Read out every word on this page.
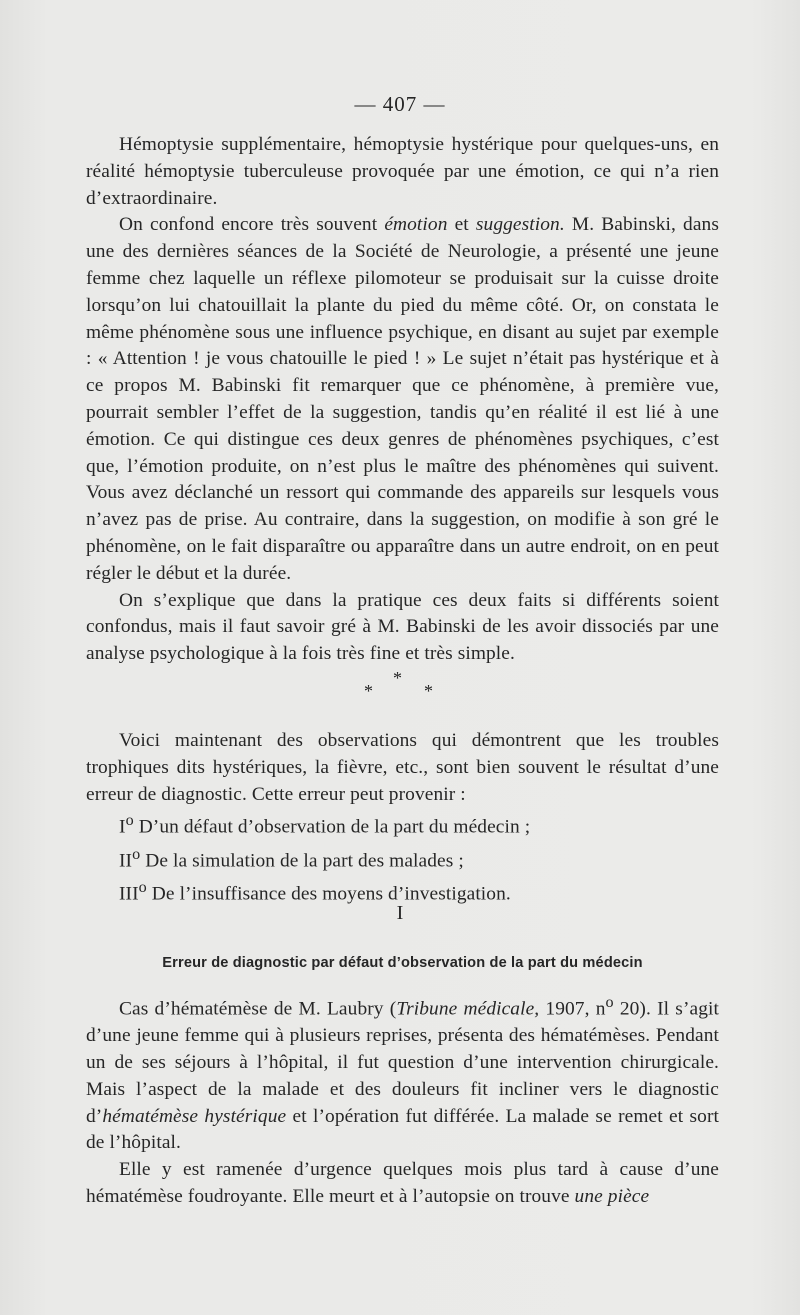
— 407 —

Hémoptysie supplémentaire, hémoptysie hystérique pour quelques-uns, en réalité hémoptysie tuberculeuse provoquée par une émotion, ce qui n’a rien d’extraordinaire.

On confond encore très souvent émotion et suggestion. M. Babinski, dans une des dernières séances de la Société de Neurologie, a présenté une jeune femme chez laquelle un réflexe pilomoteur se produisait sur la cuisse droite lorsqu’on lui chatouillait la plante du pied du même côté. Or, on constata le même phénomène sous une influence psychique, en disant au sujet par exemple : « Attention ! je vous chatouille le pied ! » Le sujet n’était pas hystérique et à ce propos M. Babinski fit remarquer que ce phénomène, à première vue, pourrait sembler l’effet de la suggestion, tandis qu’en réalité il est lié à une émotion. Ce qui distingue ces deux genres de phénomènes psychiques, c’est que, l’émotion produite, on n’est plus le maître des phénomènes qui suivent. Vous avez déclanché un ressort qui commande des appareils sur lesquels vous n’avez pas de prise. Au contraire, dans la suggestion, on modifie à son gré le phénomène, on le fait disparaître ou apparaître dans un autre endroit, on en peut régler le début et la durée.

On s’explique que dans la pratique ces deux faits si différents soient confondus, mais il faut savoir gré à M. Babinski de les avoir dissociés par une analyse psychologique à la fois très fine et très simple.

*
*	*

Voici maintenant des observations qui démontrent que les troubles trophiques dits hystériques, la fièvre, etc., sont bien souvent le résultat d’une erreur de diagnostic. Cette erreur peut provenir :

$I^o$ D’un défaut d’observation de la part du médecin ;
$II^o$ De la simulation de la part des malades ;
III$^o$ De l’insuffisance des moyens d’investigation.
I
Erreur de diagnostic par défaut d’observation de la part du médecin

Cas d’hématémèse de M. Laubry (Tribune médicale, 1907, $n^o$ 20). Il s’agit d’une jeune femme qui à plusieurs reprises, présenta des hématémèses. Pendant un de ses séjours à l’hôpital, il fut question d’une intervention chirurgicale. Mais l’aspect de la malade et des douleurs fit incliner vers le diagnostic d’hématémèse hystérique et l’opération fut différée. La malade se remet et sort de l’hôpital.

Elle y est ramenée d’urgence quelques mois plus tard à cause d’une hématémèse foudroyante. Elle meurt et à l’autopsie on trouve une pièce
